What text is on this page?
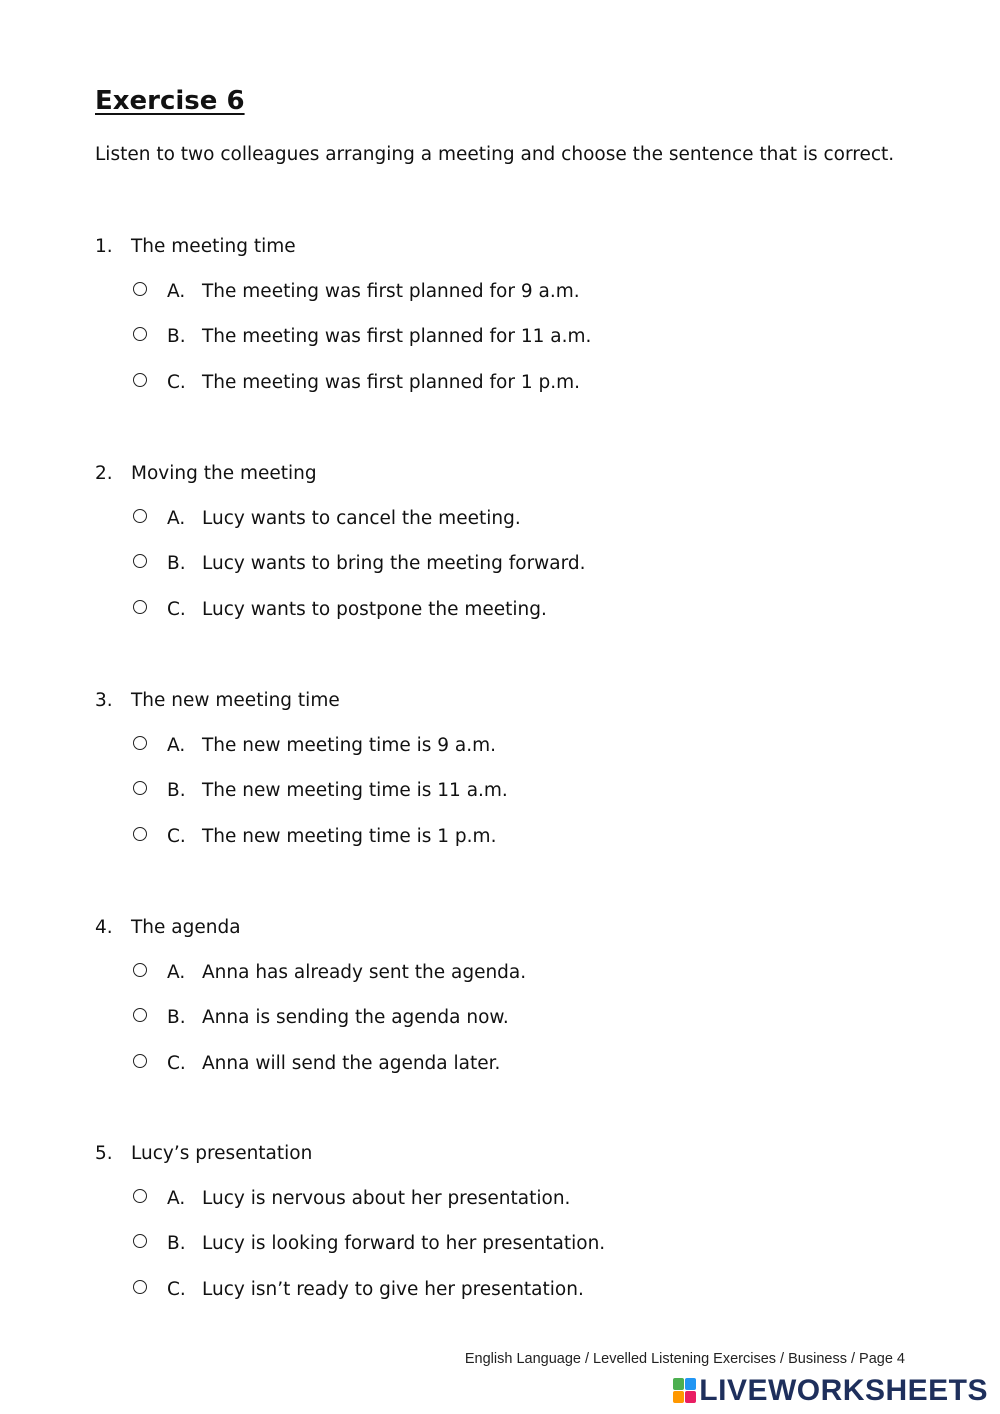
Exercise 6

Listen to two colleagues arranging a meeting and choose the sentence that is correct.

1. The meeting time
A. The meeting was first planned for 9 a.m.
B. The meeting was first planned for 11 a.m.
C. The meeting was first planned for 1 p.m.
2. Moving the meeting
A. Lucy wants to cancel the meeting.
B. Lucy wants to bring the meeting forward.
C. Lucy wants to postpone the meeting.
3. The new meeting time
A. The new meeting time is 9 a.m.
B. The new meeting time is 11 a.m.
C. The new meeting time is 1 p.m.
4. The agenda
A. Anna has already sent the agenda.
B. Anna is sending the agenda now.
C. Anna will send the agenda later.
5. Lucy’s presentation
A. Lucy is nervous about her presentation.
B. Lucy is looking forward to her presentation.
C. Lucy isn’t ready to give her presentation.
English Language / Levelled Listening Exercises / Business / Page 4
LIVEWORKSHEETS
